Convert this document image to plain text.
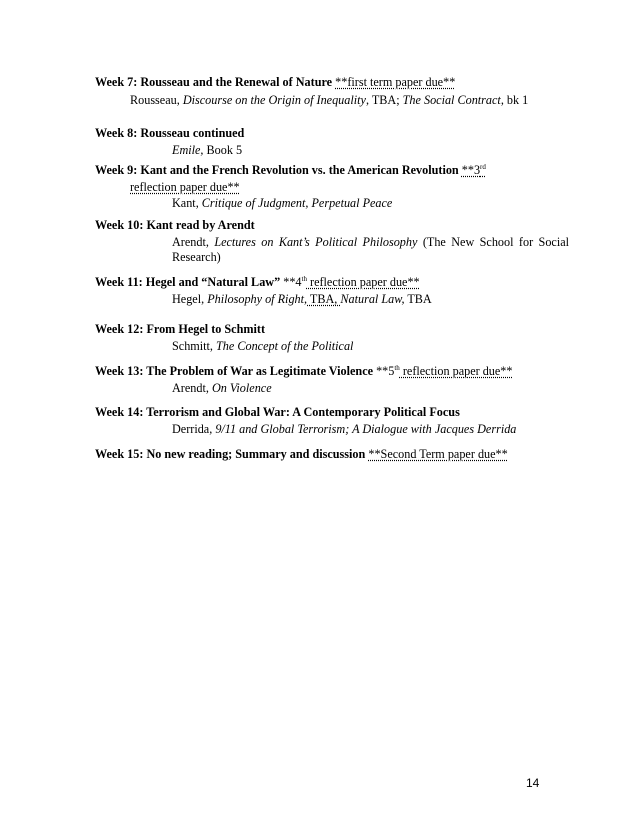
Week 7: Rousseau and the Renewal of Nature **first term paper due**
Rousseau, Discourse on the Origin of Inequality, TBA; The Social Contract, bk 1
Week 8: Rousseau continued
Emile, Book 5
Week 9: Kant and the French Revolution vs. the American Revolution **3rd
reflection paper due**
Kant, Critique of Judgment, Perpetual Peace
Week 10: Kant read by Arendt
Arendt, Lectures on Kant’s Political Philosophy (The New School for Social Research)
Week 11: Hegel and “Natural Law” **4th reflection paper due**
Hegel, Philosophy of Right, TBA, Natural Law, TBA
Week 12: From Hegel to Schmitt
Schmitt, The Concept of the Political
Week 13: The Problem of War as Legitimate Violence **5th reflection paper due**
Arendt, On Violence
Week 14: Terrorism and Global War: A Contemporary Political Focus
Derrida, 9/11 and Global Terrorism; A Dialogue with Jacques Derrida
Week 15: No new reading; Summary and discussion **Second Term paper due**
14
